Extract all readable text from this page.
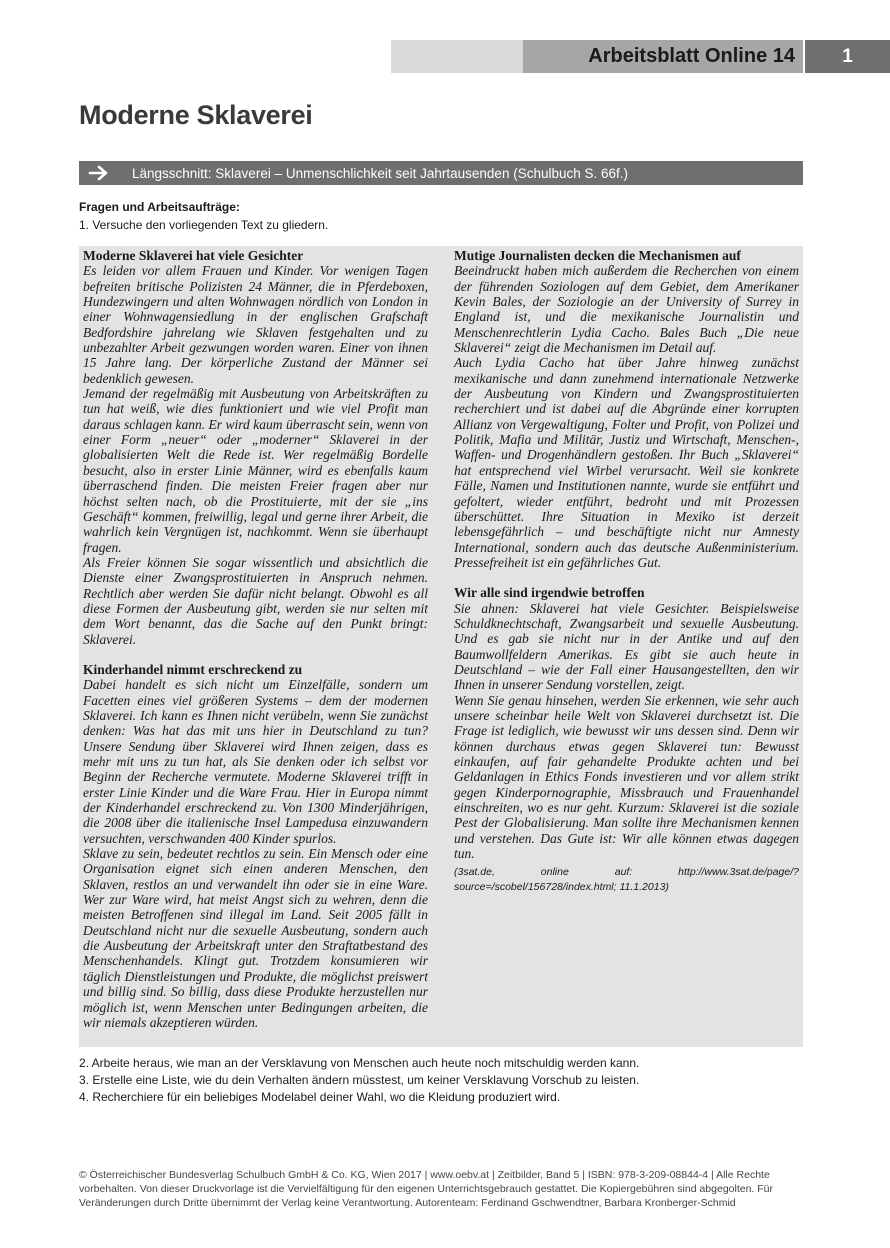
Arbeitsblatt Online 14 1
Moderne Sklaverei
Längsschnitt: Sklaverei – Unmenschlichkeit seit Jahrtausenden (Schulbuch S. 66f.)
Fragen und Arbeitsaufträge:
1. Versuche den vorliegenden Text zu gliedern.
Moderne Sklaverei hat viele Gesichter

Es leiden vor allem Frauen und Kinder. Vor wenigen Tagen befreiten britische Polizisten 24 Männer, die in Pferdeboxen, Hundezwingern und alten Wohnwagen nördlich von London in einer Wohnwagensiedlung in der englischen Grafschaft Bedfordshire jahrelang wie Sklaven festgehalten und zu unbezahlter Arbeit gezwungen worden waren. Einer von ihnen 15 Jahre lang. Der körperliche Zustand der Männer sei bedenklich gewesen.

Jemand der regelmäßig mit Ausbeutung von Arbeitskräften zu tun hat weiß, wie dies funktioniert und wie viel Profit man daraus schlagen kann. Er wird kaum überrascht sein, wenn von einer Form „neuer“ oder „moderner“ Sklaverei in der globalisierten Welt die Rede ist. Wer regelmäßig Bordelle besucht, also in erster Linie Männer, wird es ebenfalls kaum überraschend finden. Die meisten Freier fragen aber nur höchst selten nach, ob die Prostituierte, mit der sie „ins Geschäft“ kommen, freiwillig, legal und gerne ihrer Arbeit, die wahrlich kein Vergnügen ist, nachkommt. Wenn sie überhaupt fragen.

Als Freier können Sie sogar wissentlich und absichtlich die Dienste einer Zwangsprostituierten in Anspruch nehmen. Rechtlich aber werden Sie dafür nicht belangt. Obwohl es all diese Formen der Ausbeutung gibt, werden sie nur selten mit dem Wort benannt, das die Sache auf den Punkt bringt: Sklaverei.

Kinderhandel nimmt erschreckend zu

Dabei handelt es sich nicht um Einzelfälle, sondern um Facetten eines viel größeren Systems – dem der modernen Sklaverei. Ich kann es Ihnen nicht verübeln, wenn Sie zunächst denken: Was hat das mit uns hier in Deutschland zu tun? Unsere Sendung über Sklaverei wird Ihnen zeigen, dass es mehr mit uns zu tun hat, als Sie denken oder ich selbst vor Beginn der Recherche vermutete. Moderne Sklaverei trifft in erster Linie Kinder und die Ware Frau. Hier in Europa nimmt der Kinderhandel erschreckend zu. Von 1300 Minderjährigen, die 2008 über die italienische Insel Lampedusa einzuwandern versuchten, verschwanden 400 Kinder spurlos.

Sklave zu sein, bedeutet rechtlos zu sein. Ein Mensch oder eine Organisation eignet sich einen anderen Menschen, den Sklaven, restlos an und verwandelt ihn oder sie in eine Ware. Wer zur Ware wird, hat meist Angst sich zu wehren, denn die meisten Betroffenen sind illegal im Land. Seit 2005 fällt in Deutschland nicht nur die sexuelle Ausbeutung, sondern auch die Ausbeutung der Arbeitskraft unter den Straftatbestand des Menschenhandels. Klingt gut. Trotzdem konsumieren wir täglich Dienstleistungen und Produkte, die möglichst preiswert und billig sind. So billig, dass diese Produkte herzustellen nur möglich ist, wenn Menschen unter Bedingungen arbeiten, die wir niemals akzeptieren würden.

Mutige Journalisten decken die Mechanismen auf

Beeindruckt haben mich außerdem die Recherchen von einem der führenden Soziologen auf dem Gebiet, dem Amerikaner Kevin Bales, der Soziologie an der University of Surrey in England ist, und die mexikanische Journalistin und Menschenrechtlerin Lydia Cacho. Bales Buch „Die neue Sklaverei“ zeigt die Mechanismen im Detail auf.

Auch Lydia Cacho hat über Jahre hinweg zunächst mexikanische und dann zunehmend internationale Netzwerke der Ausbeutung von Kindern und Zwangsprostituierten recherchiert und ist dabei auf die Abgründe einer korrupten Allianz von Vergewaltigung, Folter und Profit, von Polizei und Politik, Mafia und Militär, Justiz und Wirtschaft, Menschen-, Waffen- und Drogenhändlern gestoßen. Ihr Buch „Sklaverei“ hat entsprechend viel Wirbel verursacht. Weil sie konkrete Fälle, Namen und Institutionen nannte, wurde sie entführt und gefoltert, wieder entführt, bedroht und mit Prozessen überschüttet. Ihre Situation in Mexiko ist derzeit lebensgefährlich – und beschäftigte nicht nur Amnesty International, sondern auch das deutsche Außenministerium. Pressefreiheit ist ein gefährliches Gut.

Wir alle sind irgendwie betroffen

Sie ahnen: Sklaverei hat viele Gesichter. Beispielsweise Schuldknechtschaft, Zwangsarbeit und sexuelle Ausbeutung. Und es gab sie nicht nur in der Antike und auf den Baumwollfeldern Amerikas. Es gibt sie auch heute in Deutschland – wie der Fall einer Hausangestellten, den wir Ihnen in unserer Sendung vorstellen, zeigt.

Wenn Sie genau hinsehen, werden Sie erkennen, wie sehr auch unsere scheinbar heile Welt von Sklaverei durchsetzt ist. Die Frage ist lediglich, wie bewusst wir uns dessen sind. Denn wir können durchaus etwas gegen Sklaverei tun: Bewusst einkaufen, auf fair gehandelte Produkte achten und bei Geldanlagen in Ethics Fonds investieren und vor allem strikt gegen Kinderpornographie, Missbrauch und Frauenhandel einschreiten, wo es nur geht. Kurzum: Sklaverei ist die soziale Pest der Globalisierung. Man sollte ihre Mechanismen kennen und verstehen. Das Gute ist: Wir alle können etwas dagegen tun.

(3sat.de, online auf: http://www.3sat.de/page/?source=/scobel/156728/index.html; 11.1.2013)

2. Arbeite heraus, wie man an der Versklavung von Menschen auch heute noch mitschuldig werden kann.
3. Erstelle eine Liste, wie du dein Verhalten ändern müsstest, um keiner Versklavung Vorschub zu leisten.
4. Recherchiere für ein beliebiges Modelabel deiner Wahl, wo die Kleidung produziert wird.
© Österreichischer Bundesverlag Schulbuch GmbH & Co. KG, Wien 2017 | www.oebv.at | Zeitbilder, Band 5 | ISBN: 978-3-209-08844-4 | Alle Rechte vorbehalten. Von dieser Druckvorlage ist die Vervielfältigung für den eigenen Unterrichtsgebrauch gestattet. Die Kopiergebühren sind abgegolten. Für Veränderungen durch Dritte übernimmt der Verlag keine Verantwortung. Autorenteam: Ferdinand Gschwendtner, Barbara Kronberger-Schmid
